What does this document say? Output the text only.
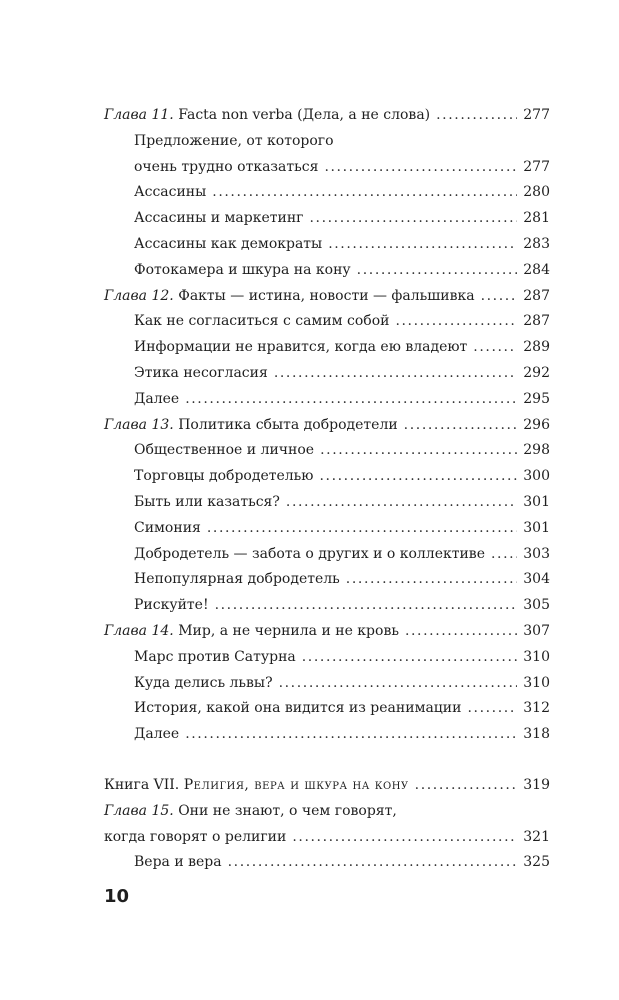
Глава 11. Facta non verba (Дела, а не слова) .....	277
Предложение, от которого
очень трудно отказаться .....	277
Ассасины .....	280
Ассасины и маркетинг .....	281
Ассасины как демократы .....	283
Фотокамера и шкура на кону .....	284
Глава 12. Факты — истина, новости — фальшивка .....	287
Как не согласиться с самим собой .....	287
Информации не нравится, когда ею владеют .....	289
Этика несогласия .....	292
Далее .....	295
Глава 13. Политика сбыта добродетели .....	296
Общественное и личное .....	298
Торговцы добродетелью .....	300
Быть или казаться? .....	301
Симония .....	301
Добродетель — забота о других и о коллективе .....	303
Непопулярная добродетель .....	304
Рискуйте! .....	305
Глава 14. Мир, а не чернила и не кровь .....	307
Марс против Сатурна .....	310
Куда делись львы? .....	310
История, какой она видится из реанимации .....	312
Далее .....	318
Книга VII. Религия, вера и шкура на кону .....	319
Глава 15. Они не знают, о чем говорят,
когда говорят о религии .....	321
Вера и вера .....	325
10
